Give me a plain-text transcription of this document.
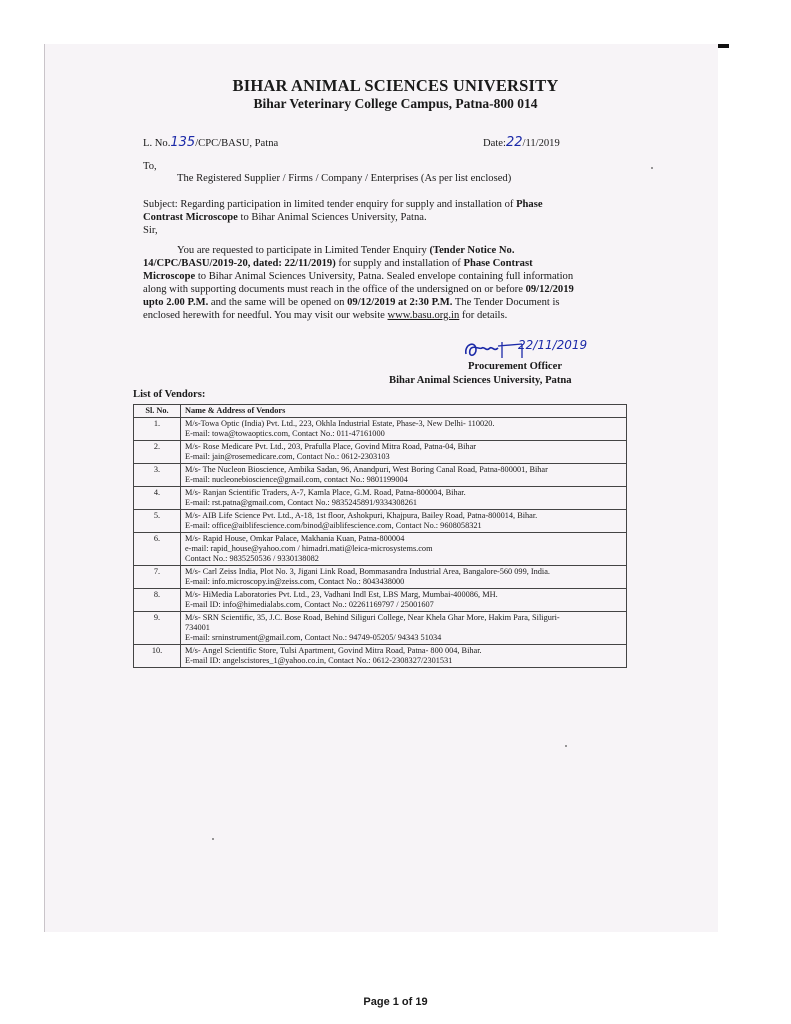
BIHAR ANIMAL SCIENCES UNIVERSITY
Bihar Veterinary College Campus, Patna-800 014
L. No.135/CPC/BASU, Patna	Date:22/11/2019
To,
The Registered Supplier / Firms / Company / Enterprises (As per list enclosed)
Subject: Regarding participation in limited tender enquiry for supply and installation of Phase
Contrast Microscope to Bihar Animal Sciences University, Patna.
Sir,
You are requested to participate in Limited Tender Enquiry (Tender Notice No.
14/CPC/BASU/2019-20, dated: 22/11/2019) for supply and installation of Phase Contrast
Microscope to Bihar Animal Sciences University, Patna. Sealed envelope containing full information
along with supporting documents must reach in the office of the undersigned on or before 09/12/2019
upto 2.00 P.M. and the same will be opened on 09/12/2019 at 2:30 P.M. The Tender Document is
enclosed herewith for needful. You may visit our website www.basu.org.in for details.
22/11/2019
Procurement Officer
Bihar Animal Sciences University, Patna
List of Vendors:
Sl. No.	Name & Address of Vendors
1.	M/s-Towa Optic (India) Pvt. Ltd., 223, Okhla Industrial Estate, Phase-3, New Delhi- 110020.
E-mail: towa@towaoptics.com, Contact No.: 011-47161000

2.	M/s- Rose Medicare Pvt. Ltd., 203, Prafulla Place, Govind Mitra Road, Patna-04, Bihar
E-mail: jain@rosemedicare.com, Contact No.: 0612-2303103

3.	M/s- The Nucleon Bioscience, Ambika Sadan, 96, Anandpuri, West Boring Canal Road, Patna-800001, Bihar
E-mail: nucleonebioscience@gmail.com, contact No.: 9801199004

4.	M/s- Ranjan Scientific Traders, A-7, Kamla Place, G.M. Road, Patna-800004, Bihar.
E-mail: rst.patna@gmail.com, Contact No.: 9835245891/9334308261

5.	M/s- AIB Life Science Pvt. Ltd., A-18, 1st floor, Ashokpuri, Khajpura, Bailey Road, Patna-800014, Bihar.
E-mail: office@aiblifescience.com/binod@aiblifescience.com, Contact No.: 9608058321

6.	M/s- Rapid House, Omkar Palace, Makhania Kuan, Patna-800004
e-mail: rapid_house@yahoo.com / himadri.mati@leica-microsystems.com
Contact No.: 9835250536 / 9330138082

7.	M/s- Carl Zeiss India, Plot No. 3, Jigani Link Road, Bommasandra Industrial Area, Bangalore-560 099, India.
E-mail: info.microscopy.in@zeiss.com, Contact No.: 8043438000

8.	M/s- HiMedia Laboratories Pvt. Ltd., 23, Vadhani Indl Est, LBS Marg, Mumbai-400086, MH.
E-mail ID: info@himedialabs.com, Contact No.: 02261169797 / 25001607

9.	M/s- SRN Scientific, 35, J.C. Bose Road, Behind Siliguri College, Near Khela Ghar More, Hakim Para, Siliguri-
734001
E-mail: srninstrument@gmail.com, Contact No.: 94749-05205/ 94343 51034

10.	M/s- Angel Scientific Store, Tulsi Apartment, Govind Mitra Road, Patna- 800 004, Bihar.
E-mail ID: angelscistores_1@yahoo.co.in, Contact No.: 0612-2308327/2301531
Page 1 of 19
